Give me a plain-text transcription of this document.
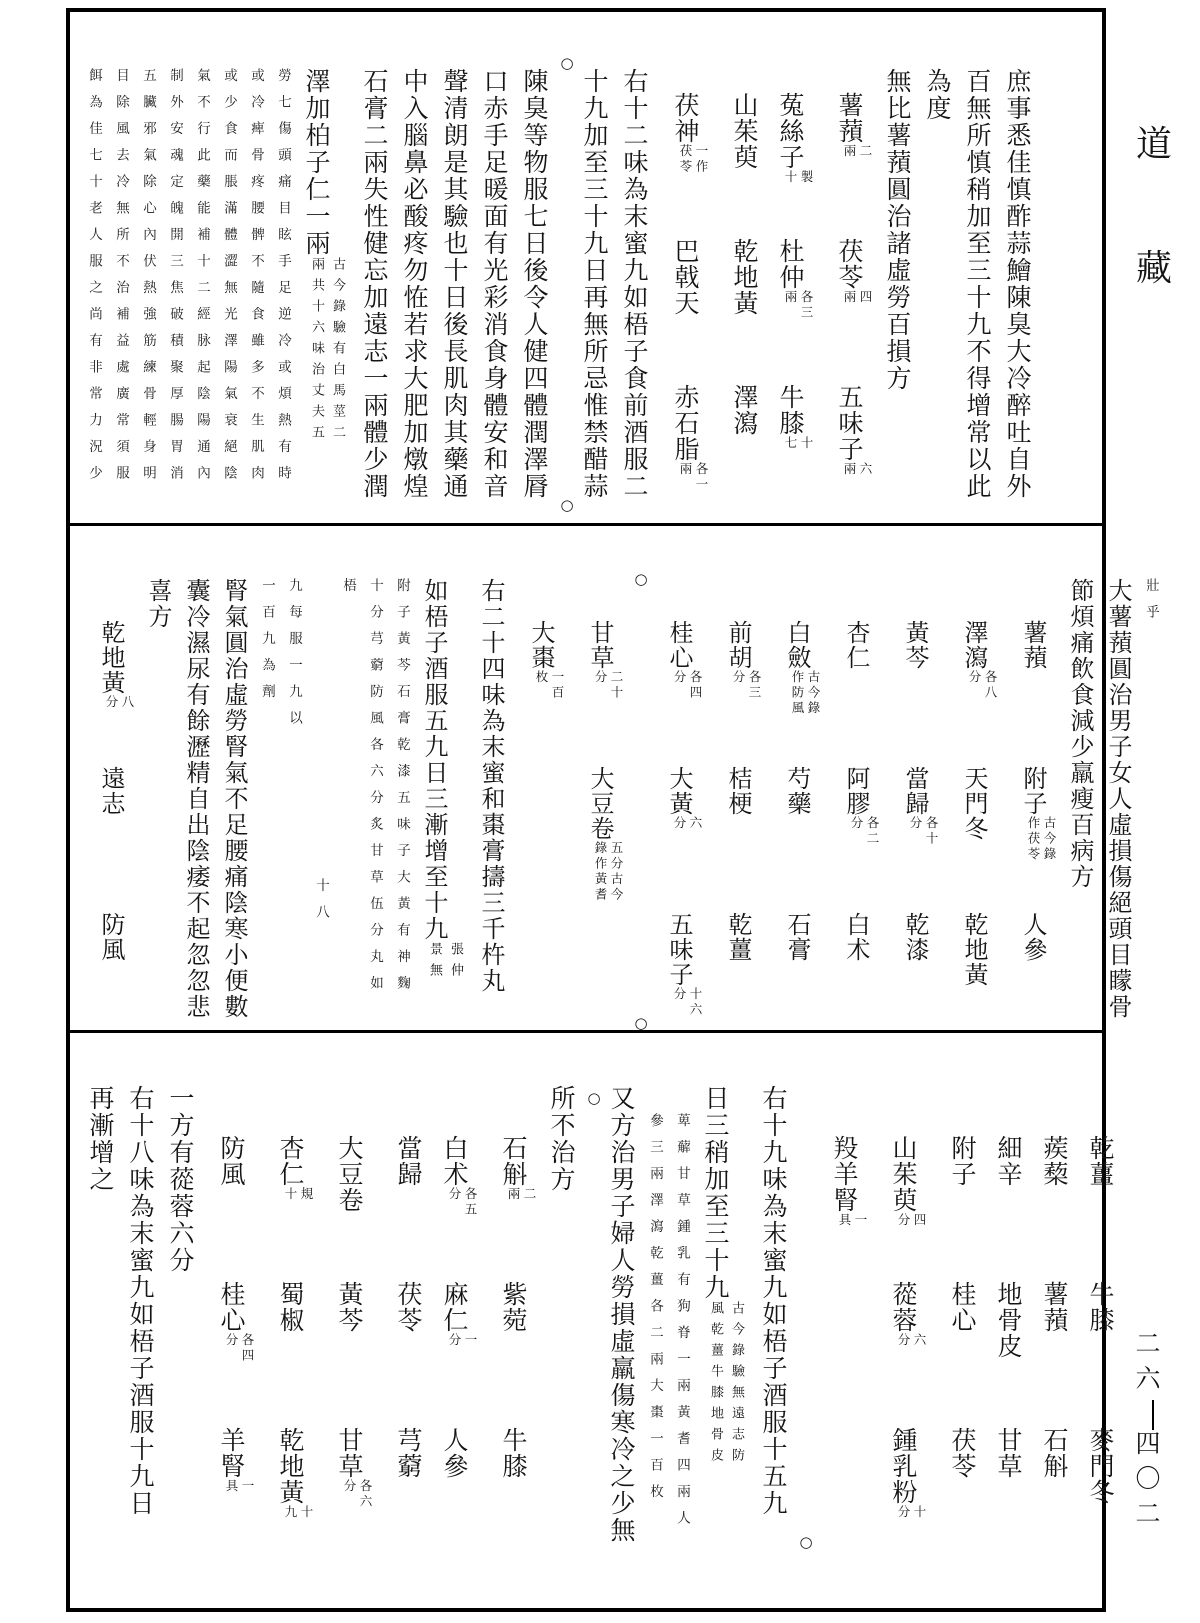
庶事悉佳慎酢蒜鱠陳臭大冷醉吐自外
百無所慎稍加至三十九不得增常以此
為度
無比薯蕷圓治諸虛勞百損方
薯蕷二兩茯苓四兩五味子六兩
菟絲子製十杜仲各三兩牛膝十七
山茱萸乾地黃澤瀉
茯神一作茯苓巴戟天赤石脂各一兩
右十二味為末蜜九如梧子食前酒服二
十九加至三十九日再無所忌惟禁醋蒜
○
○
陳臭等物服七日後令人健四體潤澤脣
口赤手足暖面有光彩消食身體安和音
聲清朗是其驗也十日後長肌肉其藥通
中入腦鼻必酸疼勿恠若求大肥加燉煌
石膏二兩失性健忘加遠志一兩體少潤
澤加柏子仁一兩古今錄驗有白馬莖二兩共十六味治丈夫五
勞七傷頭痛目眩手足逆冷或煩熱有時
或冷痺骨疼腰髀不隨食雖多不生肌肉
或少食而脹滿體澀無光澤陽氣衰絕陰
氣不行此藥能補十二經脉起陰陽通內
制外安魂定魄開三焦破積聚厚腸胃消
五臟邪氣除心內伏熱強筋練骨輕身明
目除風去冷無所不治補益處廣常須服
餌為佳七十老人服之尚有非常力況少
壯乎
大薯蕷圓治男子女人虛損傷絕頭目矇骨
節煩痛飲食減少羸瘦百病方
薯蕷附子古今錄作茯苓人參
澤瀉各八分天門冬乾地黃
黃芩當歸各十分乾漆
杏仁阿膠各二分白术
白斂古今錄作防風芍藥石膏
前胡各三分桔梗乾薑
桂心各四分大黃六分五味子十六分
○
○
甘草二十分大豆卷五分古今錄作黃耆
大棗一百枚
右二十四味為末蜜和棗膏擣三千杵丸
如梧子酒服五九日三漸增至十九張仲景無
附子黃芩石膏乾漆五味子大黃有神麴
十分芎藭防風各六分炙甘草伍分丸如梧
十八
九每服一九以
一百九為劑
腎氣圓治虛勞腎氣不足腰痛陰寒小便數
囊冷濕尿有餘瀝精自出陰痿不起忽忽悲
喜方
乾地黃八分遠志防風
乾薑牛膝麥門冬
蒺蔾薯蕷石斛
細辛地骨皮甘草
附子桂心茯苓
山茱萸四分蓯蓉六分鍾乳粉十分
羖羊腎一具
○
右十九味為末蜜九如梧子酒服十五九
日三稍加至三十九古今錄驗無遠志防風乾薑牛膝地骨皮
萆薢甘草鍾乳有狗脊一兩黃耆四兩人
參三兩澤瀉乾薑各二兩大棗一百枚
又方治男子婦人勞損虛羸傷寒冷之少無
○
所不治方
石斛二兩紫菀牛膝
白术各五分麻仁一分人參
當歸茯苓芎藭
大豆卷黃芩甘草各六分
杏仁規十蜀椒乾地黃十九
防風桂心各四分羊腎一具
一方有蓯蓉六分
右十八味為末蜜九如梧子酒服十九日
再漸增之
道
藏
二六四〇二
